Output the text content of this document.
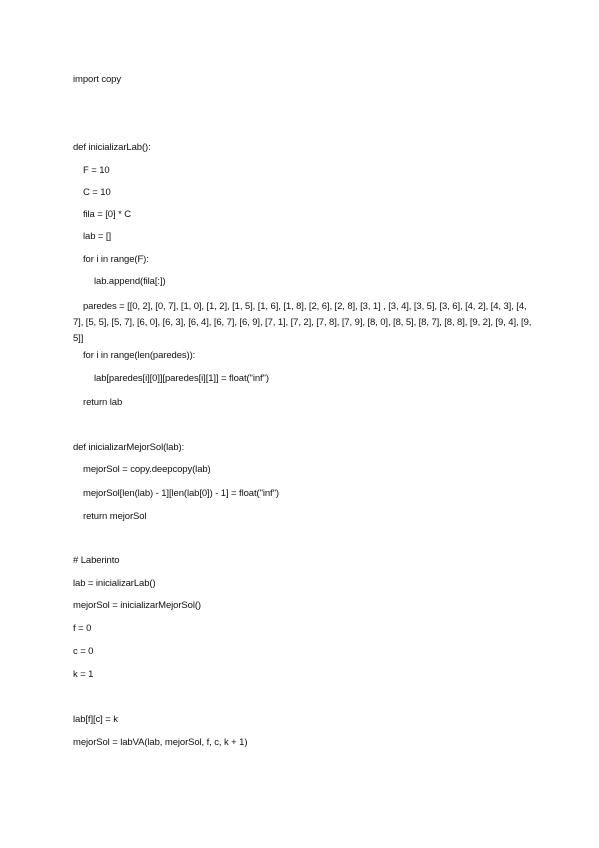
import copy
def inicializarLab():
F = 10
C = 10
fila = [0] * C
lab = []
for i in range(F):
lab.append(fila[:])
paredes = [[0, 2], [0, 7], [1, 0], [1, 2], [1, 5], [1, 6], [1, 8], [2, 6], [2, 8], [3, 1] , [3, 4], [3, 5], [3, 6], [4, 2], [4, 3], [4, 7], [5, 5], [5, 7], [6, 0], [6, 3], [6, 4], [6, 7], [6, 9], [7, 1], [7, 2], [7, 8], [7, 9], [8, 0], [8, 5], [8, 7], [8, 8], [9, 2], [9, 4], [9, 5]]
for i in range(len(paredes)):
lab[paredes[i][0]][paredes[i][1]] = float("inf")
return lab
def inicializarMejorSol(lab):
mejorSol = copy.deepcopy(lab)
mejorSol[len(lab) - 1][len(lab[0]) - 1] = float("inf")
return mejorSol
# Laberinto
lab = inicializarLab()
mejorSol = inicializarMejorSol()
f = 0
c = 0
k = 1
lab[f][c] = k
mejorSol = labVA(lab, mejorSol, f, c, k + 1)
